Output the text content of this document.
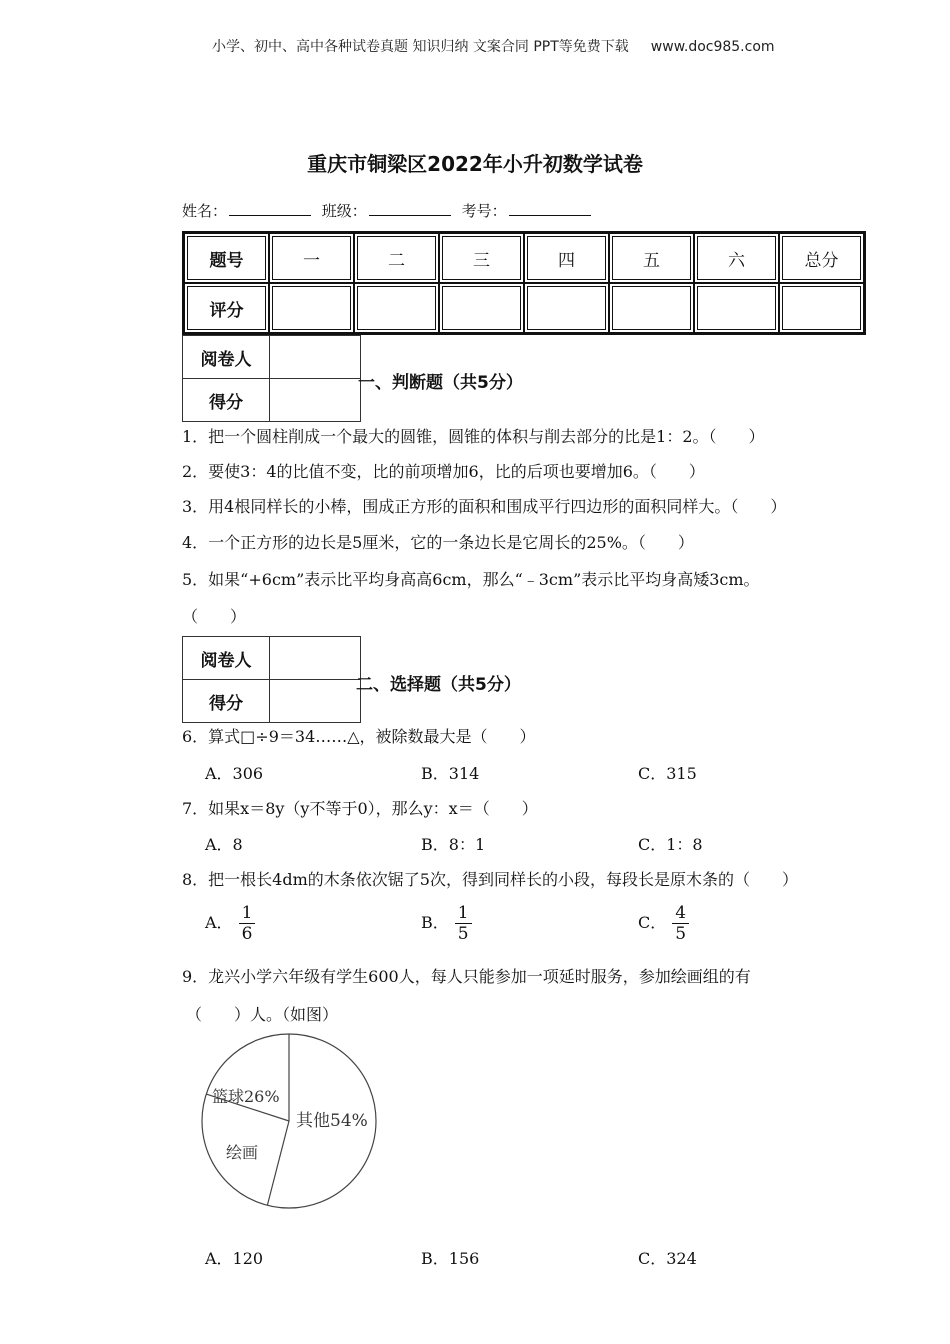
小学、初中、高中各种试卷真题 知识归纳 文案合同 PPT等免费下载 www.doc985.com
重庆市铜梁区2022年小升初数学试卷
姓名：	班级：	考号：
题号	一	二	三	四	五	六	总分
评分							
阅卷人	
得分	
一、判断题（共5分）
1．把一个圆柱削成一个最大的圆锥，圆锥的体积与削去部分的比是1：2。（　　）
2．要使3：4的比值不变，比的前项增加6，比的后项也要增加6。（　　）
3．用4根同样长的小棒，围成正方形的面积和围成平行四边形的面积同样大。（　　）
4．一个正方形的边长是5厘米，它的一条边长是它周长的25%。（　　）
5．如果“+6cm”表示比平均身高高6cm，那么“﹣3cm”表示比平均身高矮3cm。
（　　）
阅卷人	
得分	
二、选择题（共5分）
6．算式□÷9＝34……△，被除数最大是（　　）
A．306	B．314	C．315
7．如果x＝8y（y不等于0），那么y：x＝（　　）
A．8	B．8：1	C．1：8
8．把一根长4dm的木条依次锯了5次，得到同样长的小段，每段长是原木条的（　　）
A． $\frac{1}{6}$	B． $\frac{1}{5}$	C． $\frac{4}{5}$
9．龙兴小学六年级有学生600人，每人只能参加一项延时服务，参加绘画组的有
（　　）人。（如图）
其他54%
篮球26%
绘画
A．120	B．156	C．324
